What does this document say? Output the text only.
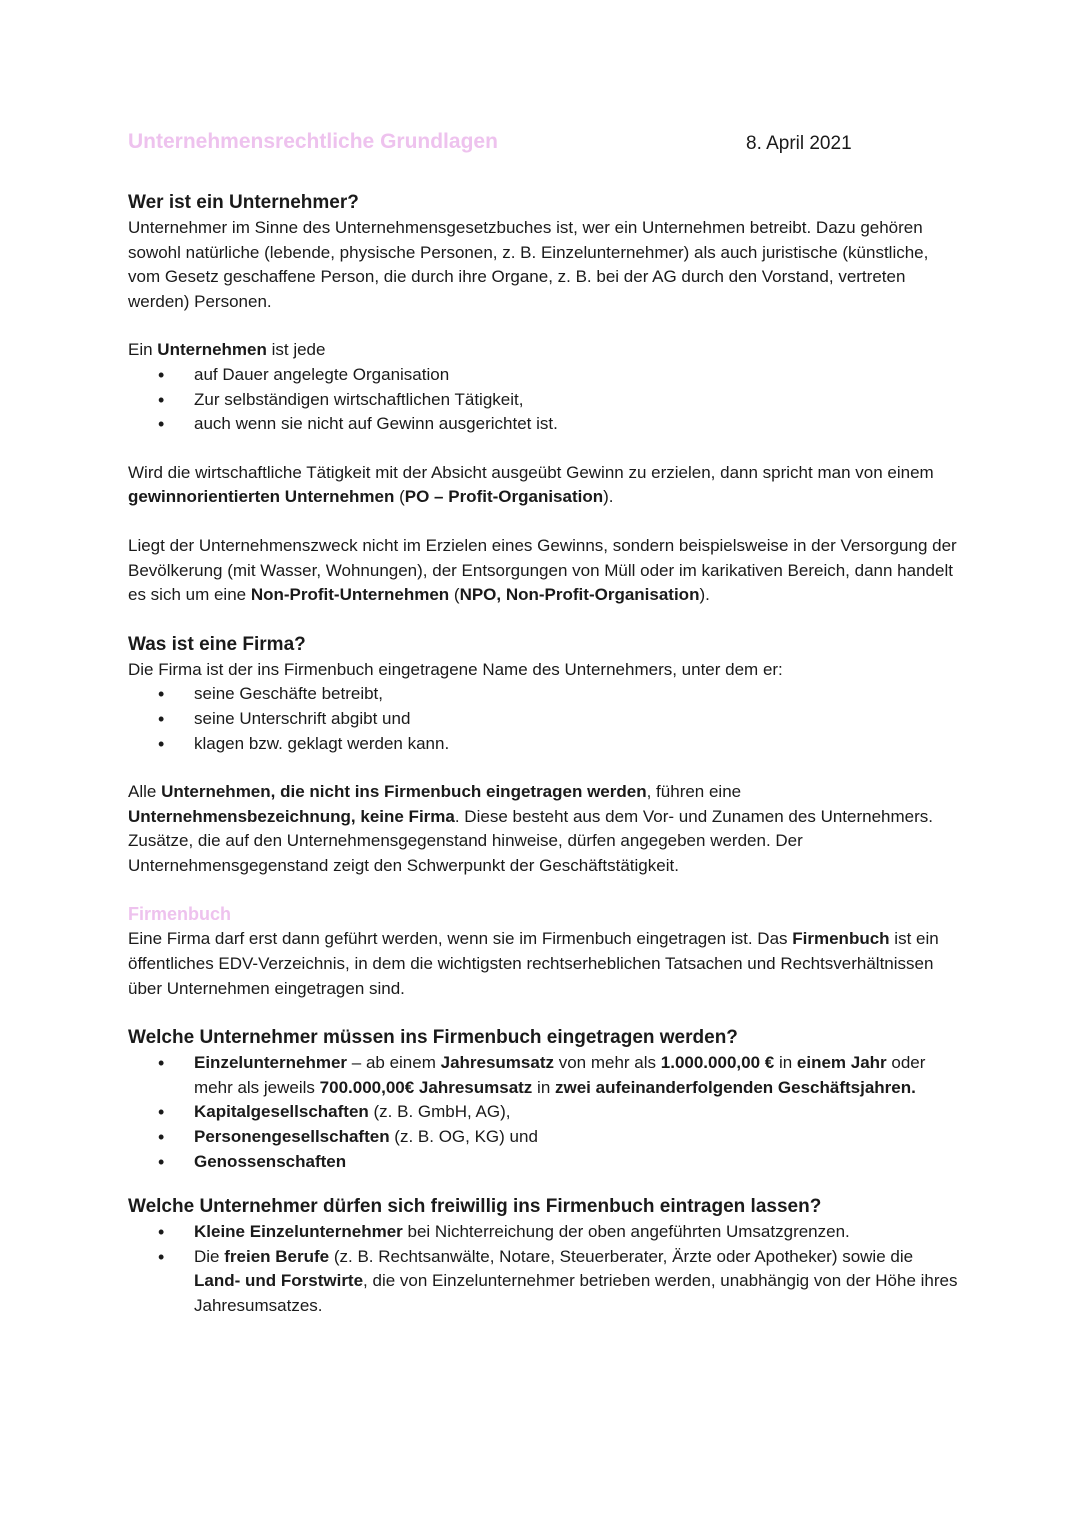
Unternehmensrechtliche Grundlagen	8. April 2021
Wer ist ein Unternehmer?

Unternehmer im Sinne des Unternehmensgesetzbuches ist, wer ein Unternehmen betreibt. Dazu gehören sowohl natürliche (lebende, physische Personen, z. B. Einzelunternehmer) als auch juristische (künstliche, vom Gesetz geschaffene Person, die durch ihre Organe, z. B. bei der AG durch den Vorstand, vertreten werden) Personen.

Ein Unternehmen ist jede

• auf Dauer angelegte Organisation
• Zur selbständigen wirtschaftlichen Tätigkeit,
• auch wenn sie nicht auf Gewinn ausgerichtet ist.

Wird die wirtschaftliche Tätigkeit mit der Absicht ausgeübt Gewinn zu erzielen, dann spricht man von einem gewinnorientierten Unternehmen (PO – Profit-Organisation).

Liegt der Unternehmenszweck nicht im Erzielen eines Gewinns, sondern beispielsweise in der Versorgung der Bevölkerung (mit Wasser, Wohnungen), der Entsorgungen von Müll oder im karikativen Bereich, dann handelt es sich um eine Non-Profit-Unternehmen (NPO, Non-Profit-Organisation).

Was ist eine Firma?

Die Firma ist der ins Firmenbuch eingetragene Name des Unternehmers, unter dem er:

• seine Geschäfte betreibt,
• seine Unterschrift abgibt und
• klagen bzw. geklagt werden kann.

Alle Unternehmen, die nicht ins Firmenbuch eingetragen werden, führen eine Unternehmensbezeichnung, keine Firma. Diese besteht aus dem Vor- und Zunamen des Unternehmers. Zusätze, die auf den Unternehmensgegenstand hinweise, dürfen angegeben werden. Der Unternehmensgegenstand zeigt den Schwerpunkt der Geschäftstätigkeit.

Firmenbuch

Eine Firma darf erst dann geführt werden, wenn sie im Firmenbuch eingetragen ist. Das Firmenbuch ist ein öffentliches EDV-Verzeichnis, in dem die wichtigsten rechtserheblichen Tatsachen und Rechtsverhältnissen über Unternehmen eingetragen sind.

Welche Unternehmer müssen ins Firmenbuch eingetragen werden?
• Einzelunternehmer – ab einem Jahresumsatz von mehr als 1.000.000,00 € in einem Jahr oder mehr als jeweils 700.000,00€ Jahresumsatz in zwei aufeinanderfolgenden Geschäftsjahren.
• Kapitalgesellschaften (z. B. GmbH, AG),
• Personengesellschaften (z. B. OG, KG) und
• Genossenschaften
Welche Unternehmer dürfen sich freiwillig ins Firmenbuch eintragen lassen?
• Kleine Einzelunternehmer bei Nichterreichung der oben angeführten Umsatzgrenzen.
• Die freien Berufe (z. B. Rechtsanwälte, Notare, Steuerberater, Ärzte oder Apotheker) sowie die Land- und Forstwirte, die von Einzelunternehmer betrieben werden, unabhängig von der Höhe ihres Jahresumsatzes.
